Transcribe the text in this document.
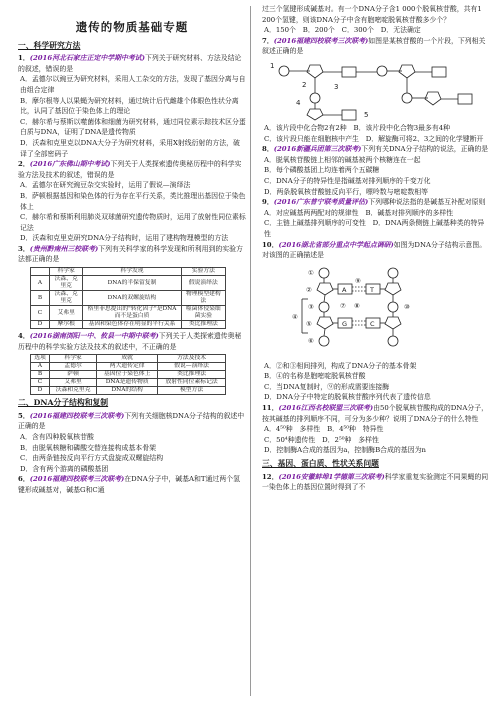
遗传的物质基础专题
一、科学研究方法

1．(2016河北石家庄正定中学期中考试)下列关于研究材料、方法及结论的叙述，错误的是

A．孟德尔以豌豆为研究材料，采用人工杂交的方法，发现了基因分离与自由组合定律

B．摩尔根等人以果蝇为研究材料，通过统计后代雌雄个体眼色性状分离比，认同了基因位于染色体上的理论

C．赫尔希与蔡斯以噬菌体和细菌为研究材料，通过同位素示踪技术区分蛋白质与DNA，证明了DNA是遗传物质

D．沃森和克里克以DNA大分子为研究材料，采用X射线衍射的方法，破译了全部密码子

2．(2016广东佛山期中考试)下列关于人类探索遗传奥秘历程中的科学实验方法及技术的叙述，错误的是

A．孟德尔在研究豌豆杂交实验时，运用了假说—演绎法

B．萨顿根据基因和染色体的行为存在平行关系，类比推理出基因位于染色体上

C．赫尔希和蔡斯利用肺炎双球菌研究遗传物质时，运用了放射性同位素标记法

D．沃森和克里克研究DNA分子结构时，运用了建构物理模型的方法

3．(贵州黔南州三校联考)下列有关科学家的科学发现和所利用到的实验方法都正确的是

	科学家	科学发现	实验方法
A	沃森、克里克	DNA的半保留复制	假说演绎法
B	沃森、克里克	DNA的双螺旋结构	物理模型建构法
C	艾弗里	格里菲思提出的"转化因子"是DNA而不是蛋白质	噬菌体侵染细菌实验
D	摩尔根	基因和染色体存在明显的平行关系	类比推理法

4．(2016湖南浏阳一中、攸县一中期中联考)下列关于人类探索遗传奥秘历程中的科学实验方法及技术的叙述中，不正确的是

选项	科学家	成就	方法及技术
A	孟德尔	两大遗传定律	假说—演绎法
B	萨顿	基因位于染色体上	类比推理法
C	艾弗里	DNA是遗传物质	放射性同位素标记法
D	沃森和克里克	DNA的结构	模型方法
二、DNA分子结构和复制

5．(2016福建四校联考三次联考)下列有关细胞核DNA分子结构的叙述中正确的是

A．含有四种脱氧核苷酸

B．由脱氧核糖和磷酸交替连接构成基本骨架

C．由两条链按反向平行方式盘旋成双螺旋结构

D．含有两个游离的磷酸基团

6．(2016福建四校联考三次联考)在DNA分子中，碱基A和T通过两个氢键形成碱基对，碱基G和C通

过三个氢键形成碱基对。有一个DNA分子含1 000个脱氧核苷酸，共有1 200个氢键，则该DNA分子中含有胞嘧啶脱氧核苷酸多少个？

A．150个　B．200个　C．300个　D．无法确定

7．(2016福建四校联考三次联考)如图是某核苷酸的一个片段，下列相关叙述正确的是

1
2	3
4
5

A．该片段中化合物2有2种　B．该片段中化合物3最多有4种

C．该片段只能在细胞核中产生　D．解旋酶可将2、3之间的化学键断开

8．(2016新疆兵团第三次联考)下列有关DNA分子结构的说法，正确的是

A．脱氧核苷酸链上相邻的碱基被两个核糖连在一起

B．每个磷酸基团上均连着两个五碳糖

C．DNA分子的特异性是指碱基对排列顺序的千变万化

D．两条脱氧核苷酸链反向平行，嘌呤数与嘧啶数相等

9．(2016广东普宁联考质量评估)下列哪种说法指的是碱基互补配对原则

A．对应碱基两两配对的规律性　B．碱基对排列顺序的多样性

C．主链上碱基排列顺序的可变性　D．DNA两条侧链上碱基种类的特异性

10．(2016湖北省部分重点中学起点调研)如图为DNA分子结构示意图。对该图的正确描述是

①
②
③
④
⑤
⑥
⑦ ⑧
⑨
⑩
A
G
T
C

A．②和③相间排列，构成了DNA分子的基本骨架

B．④的名称是胞嘧啶脱氧核苷酸

C．当DNA复制时，⑨的形成需要连接酶

D．DNA分子中特定的脱氧核苷酸序列代表了遗传信息

11．(2016江西名校联盟三次联考)由50个脱氧核苷酸构成的DNA分子，按其碱基的排列顺序不同，可分为多少种？说明了DNA分子的什么特性

A．4⁵⁰种　多样性　B．4⁵⁰种　特异性

C．50⁴种遗传性　D．2⁵⁰种　多样性

D．控制酶A合成的基因为a，控制酶B合成的基因为n

三、基因、蛋白质、性状关系问题

12．(2016安徽蚌埠1学德第三次联考)科学家重复实验测定不同果蝇的同一染色体上的基因位置时得到了不
